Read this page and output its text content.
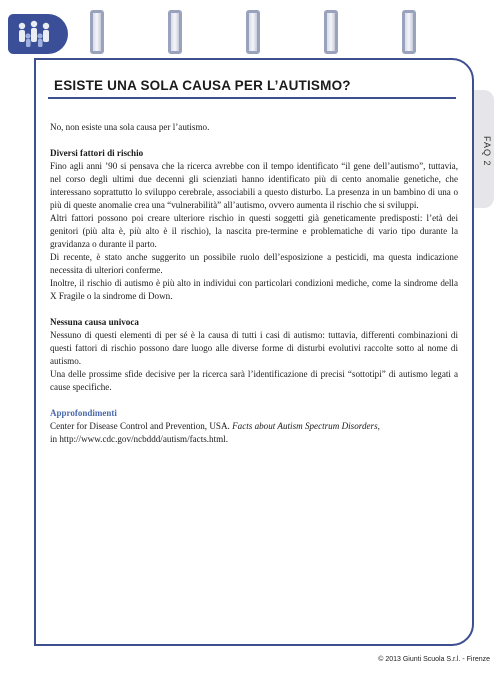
FAQ 2
ESISTE UNA SOLA CAUSA PER L’AUTISMO?

No, non esiste una sola causa per l’autismo.

Diversi fattori di rischio

Fino agli anni ’90 si pensava che la ricerca avrebbe con il tempo identificato “il gene dell’autismo”, tuttavia, nel corso degli ultimi due decenni gli scienziati hanno identificato più di cento anomalie genetiche, che interessano soprattutto lo sviluppo cerebrale, associabili a questo disturbo. La presenza in un bambino di una o più di queste anomalie crea una “vulnerabilità” all’autismo, ovvero aumenta il rischio che si sviluppi.

Altri fattori possono poi creare ulteriore rischio in questi soggetti già geneticamente predisposti: l’età dei genitori (più alta è, più alto è il rischio), la nascita pre-termine e problematiche di vario tipo durante la gravidanza o durante il parto.

Di recente, è stato anche suggerito un possibile ruolo dell’esposizione a pesticidi, ma questa indicazione necessita di ulteriori conferme.

Inoltre, il rischio di autismo è più alto in individui con particolari condizioni mediche, come la sindrome della X Fragile o la sindrome di Down.

Nessuna causa univoca

Nessuno di questi elementi di per sé è la causa di tutti i casi di autismo: tuttavia, differenti combinazioni di questi fattori di rischio possono dare luogo alle diverse forme di disturbi evolutivi raccolte sotto al nome di autismo.

Una delle prossime sfide decisive per la ricerca sarà l’identificazione di precisi “sottotipi” di autismo legati a cause specifiche.

Approfondimenti

Center for Disease Control and Prevention, USA. Facts about Autism Spectrum Disorders,

in http://www.cdc.gov/ncbddd/autism/facts.html.

© 2013 Giunti Scuola S.r.l. - Firenze
